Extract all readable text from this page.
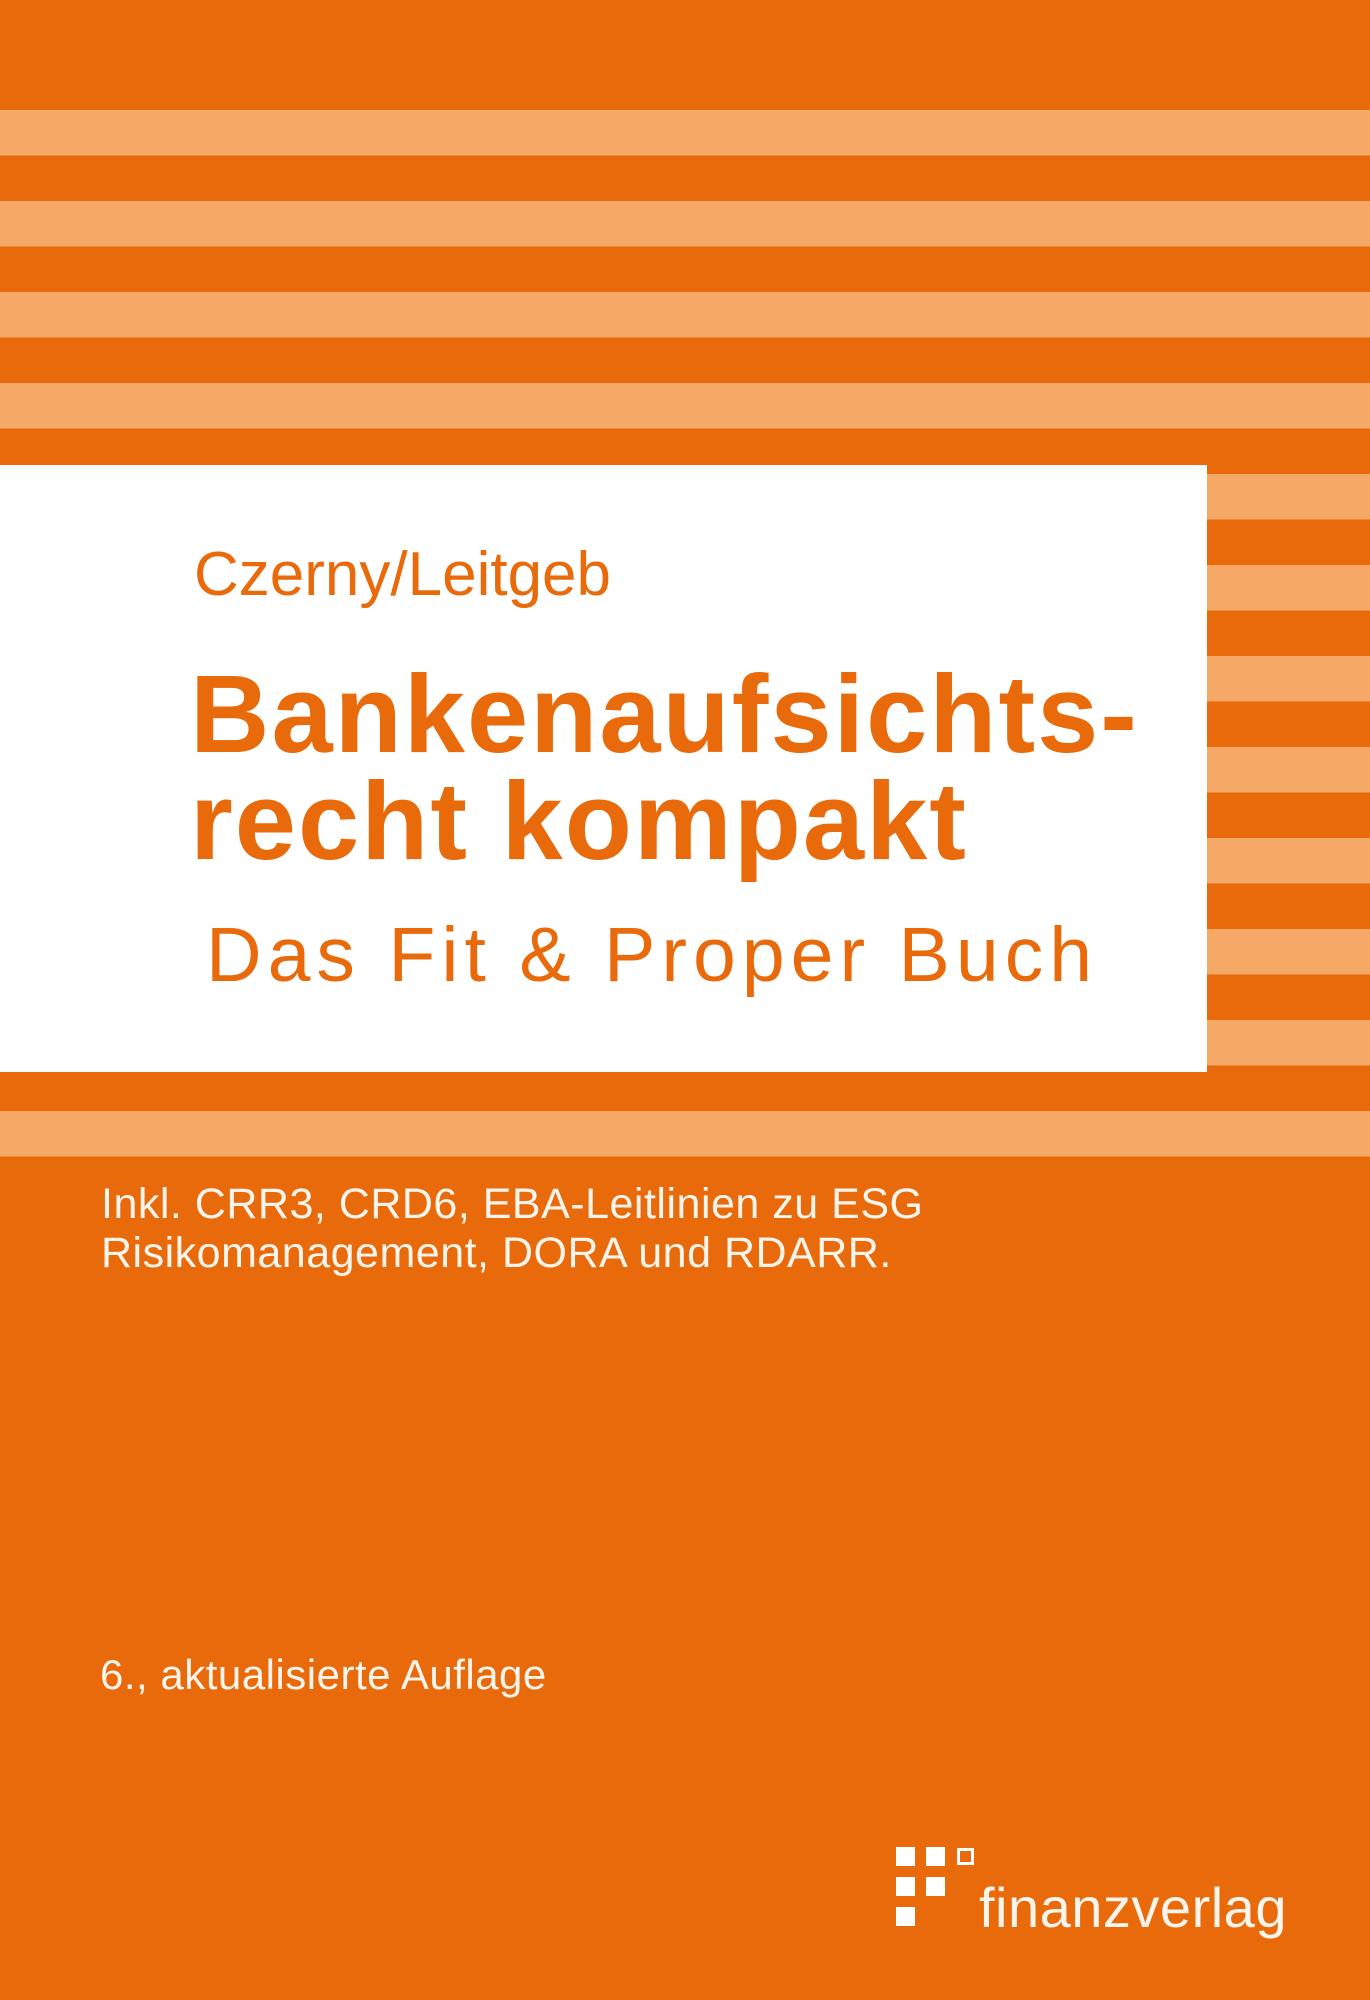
Czerny/Leitgeb
Bankenaufsichts-
recht kompakt
Das Fit & Proper Buch
Inkl. CRR3, CRD6, EBA-Leitlinien zu ESG
Risikomanagement, DORA und RDARR.
6., aktualisierte Auflage
finanzverlag
